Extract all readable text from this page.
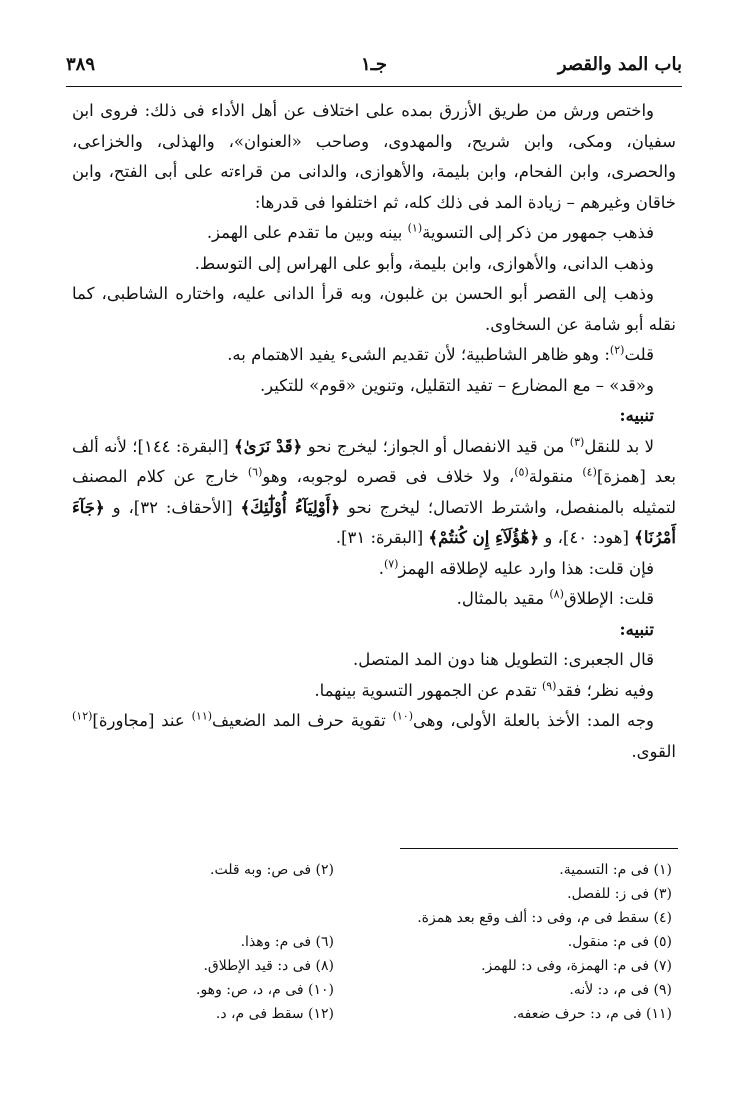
باب المد والقصر
جـ١
٣٨٩

واختص ورش من طريق الأزرق بمده على اختلاف عن أهل الأداء فى ذلك: فروى ابن سفيان، ومكى، وابن شريح، والمهدوى، وصاحب «العنوان»، والهذلى، والخزاعى، والحصرى، وابن الفحام، وابن بليمة، والأهوازى، والدانى من قراءته على أبى الفتح، وابن خاقان وغيرهم – زيادة المد فى ذلك كله، ثم اختلفوا فى قدرها:

فذهب جمهور من ذكر إلى التسوية$^{(١)}$ بينه وبين ما تقدم على الهمز.

وذهب الدانى، والأهوازى، وابن بليمة، وأبو على الهراس إلى التوسط.

وذهب إلى القصر أبو الحسن بن غلبون، وبه قرأ الدانى عليه، واختاره الشاطبى، كما نقله أبو شامة عن السخاوى.

قلت$^{(٢)}$: وهو ظاهر الشاطبية؛ لأن تقديم الشىء يفيد الاهتمام به.

و«قد» – مع المضارع – تفيد التقليل، وتنوين «قوم» للتكير.

تنبيه:

لا بد للنقل$^{(٣)}$ من قيد الانفصال أو الجواز؛ ليخرج نحو ﴿قَدْ نَرَىٰ﴾ [البقرة: ١٤٤]؛ لأنه ألف بعد [همزة]$^{(٤)}$ منقولة$^{(٥)}$، ولا خلاف فى قصره لوجوبه، وهو$^{(٦)}$ خارج عن كلام المصنف لتمثيله بالمنفصل، واشترط الاتصال؛ ليخرج نحو ﴿أَوْلِيَآءُ أُوْلَٰٓئِكَ﴾ [الأحقاف: ٣٢]، و ﴿جَآءَ أَمْرُنَا﴾ [هود: ٤٠]، و ﴿هَٰٓؤُلَآءِ إِن كُنتُمْ﴾ [البقرة: ٣١].

فإن قلت: هذا وارد عليه لإطلاقه الهمز$^{(٧)}$.

قلت: الإطلاق$^{(٨)}$ مقيد بالمثال.

تنبيه:

قال الجعبرى: التطويل هنا دون المد المتصل.

وفيه نظر؛ فقد$^{(٩)}$ تقدم عن الجمهور التسوية بينهما.

وجه المد: الأخذ بالعلة الأولى، وهى$^{(١٠)}$ تقوية حرف المد الضعيف$^{(١١)}$ عند [مجاورة]$^{(١٢)}$ القوى.

(١) فى م: التسمية.
(٢) فى ص: وبه قلت.
(٣) فى ز: للفصل.
(٤) سقط فى م، وفى د: ألف وقع بعد همزة.
(٥) فى م: منقول.
(٦) فى م: وهذا.
(٧) فى م: الهمزة، وفى د: للهمز.
(٨) فى د: قيد الإطلاق.
(٩) فى م، د: لأنه.
(١٠) فى م، د، ص: وهو.
(١١) فى م، د: حرف ضعفه.
(١٢) سقط فى م، د.
